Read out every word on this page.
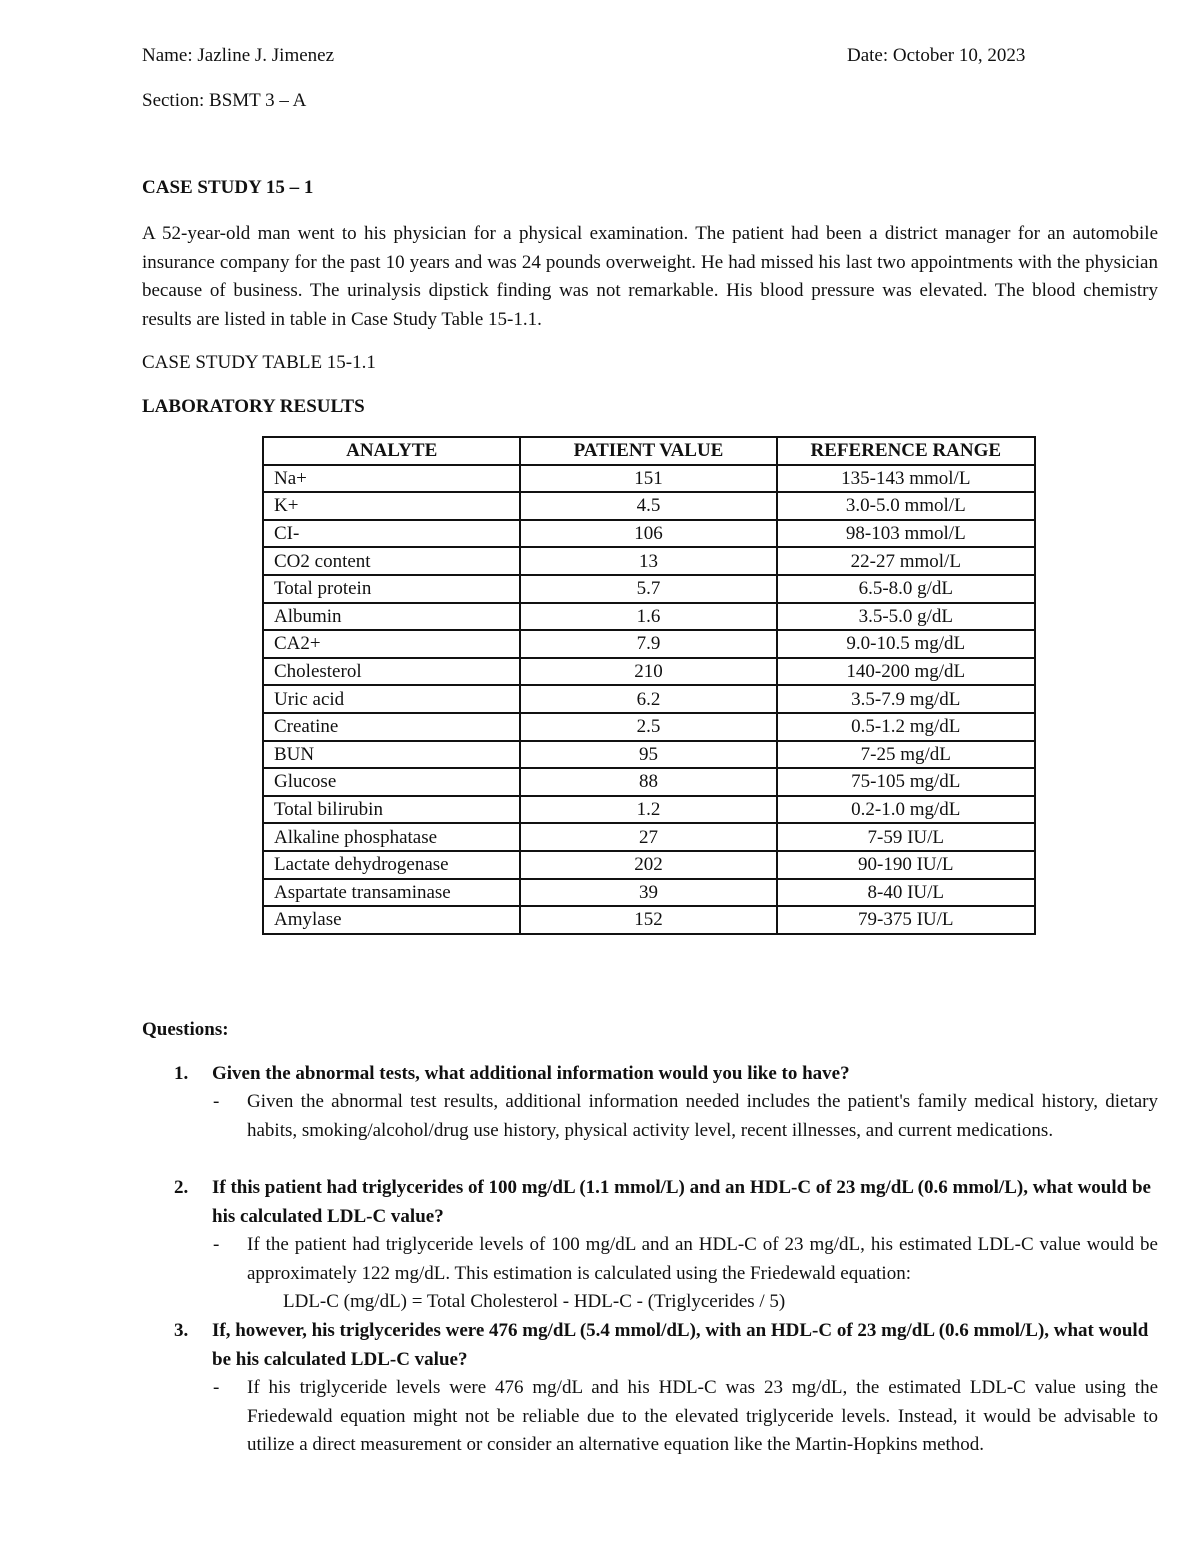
Name: Jazline J. Jimenez	Date: October 10, 2023

Section: BSMT 3 – A

CASE STUDY 15 – 1

A 52-year-old man went to his physician for a physical examination. The patient had been a district manager for an automobile insurance company for the past 10 years and was 24 pounds overweight. He had missed his last two appointments with the physician because of business. The urinalysis dipstick finding was not remarkable. His blood pressure was elevated. The blood chemistry results are listed in table in Case Study Table 15-1.1.

CASE STUDY TABLE 15-1.1

LABORATORY RESULTS

ANALYTE	PATIENT VALUE	REFERENCE RANGE
Na+	151	135-143 mmol/L
K+	4.5	3.0-5.0 mmol/L
CI-	106	98-103 mmol/L
CO2 content	13	22-27 mmol/L
Total protein	5.7	6.5-8.0 g/dL
Albumin	1.6	3.5-5.0 g/dL
CA2+	7.9	9.0-10.5 mg/dL
Cholesterol	210	140-200 mg/dL
Uric acid	6.2	3.5-7.9 mg/dL
Creatine	2.5	0.5-1.2 mg/dL
BUN	95	7-25 mg/dL
Glucose	88	75-105 mg/dL
Total bilirubin	1.2	0.2-1.0 mg/dL
Alkaline phosphatase	27	7-59 IU/L
Lactate dehydrogenase	202	90-190 IU/L
Aspartate transaminase	39	8-40 IU/L
Amylase	152	79-375 IU/L

Questions:

1. Given the abnormal tests, what additional information would you like to have?

- Given the abnormal test results, additional information needed includes the patient's family medical history, dietary habits, smoking/alcohol/drug use history, physical activity level, recent illnesses, and current medications.

2. If this patient had triglycerides of 100 mg/dL (1.1 mmol/L) and an HDL-C of 23 mg/dL (0.6 mmol/L), what would be his calculated LDL-C value?

- If the patient had triglyceride levels of 100 mg/dL and an HDL-C of 23 mg/dL, his estimated LDL-C value would be approximately 122 mg/dL. This estimation is calculated using the Friedewald equation:

LDL-C (mg/dL) = Total Cholesterol - HDL-C - (Triglycerides / 5)

3. If, however, his triglycerides were 476 mg/dL (5.4 mmol/dL), with an HDL-C of 23 mg/dL (0.6 mmol/L), what would be his calculated LDL-C value?

- If his triglyceride levels were 476 mg/dL and his HDL-C was 23 mg/dL, the estimated LDL-C value using the Friedewald equation might not be reliable due to the elevated triglyceride levels. Instead, it would be advisable to utilize a direct measurement or consider an alternative equation like the Martin-Hopkins method.
